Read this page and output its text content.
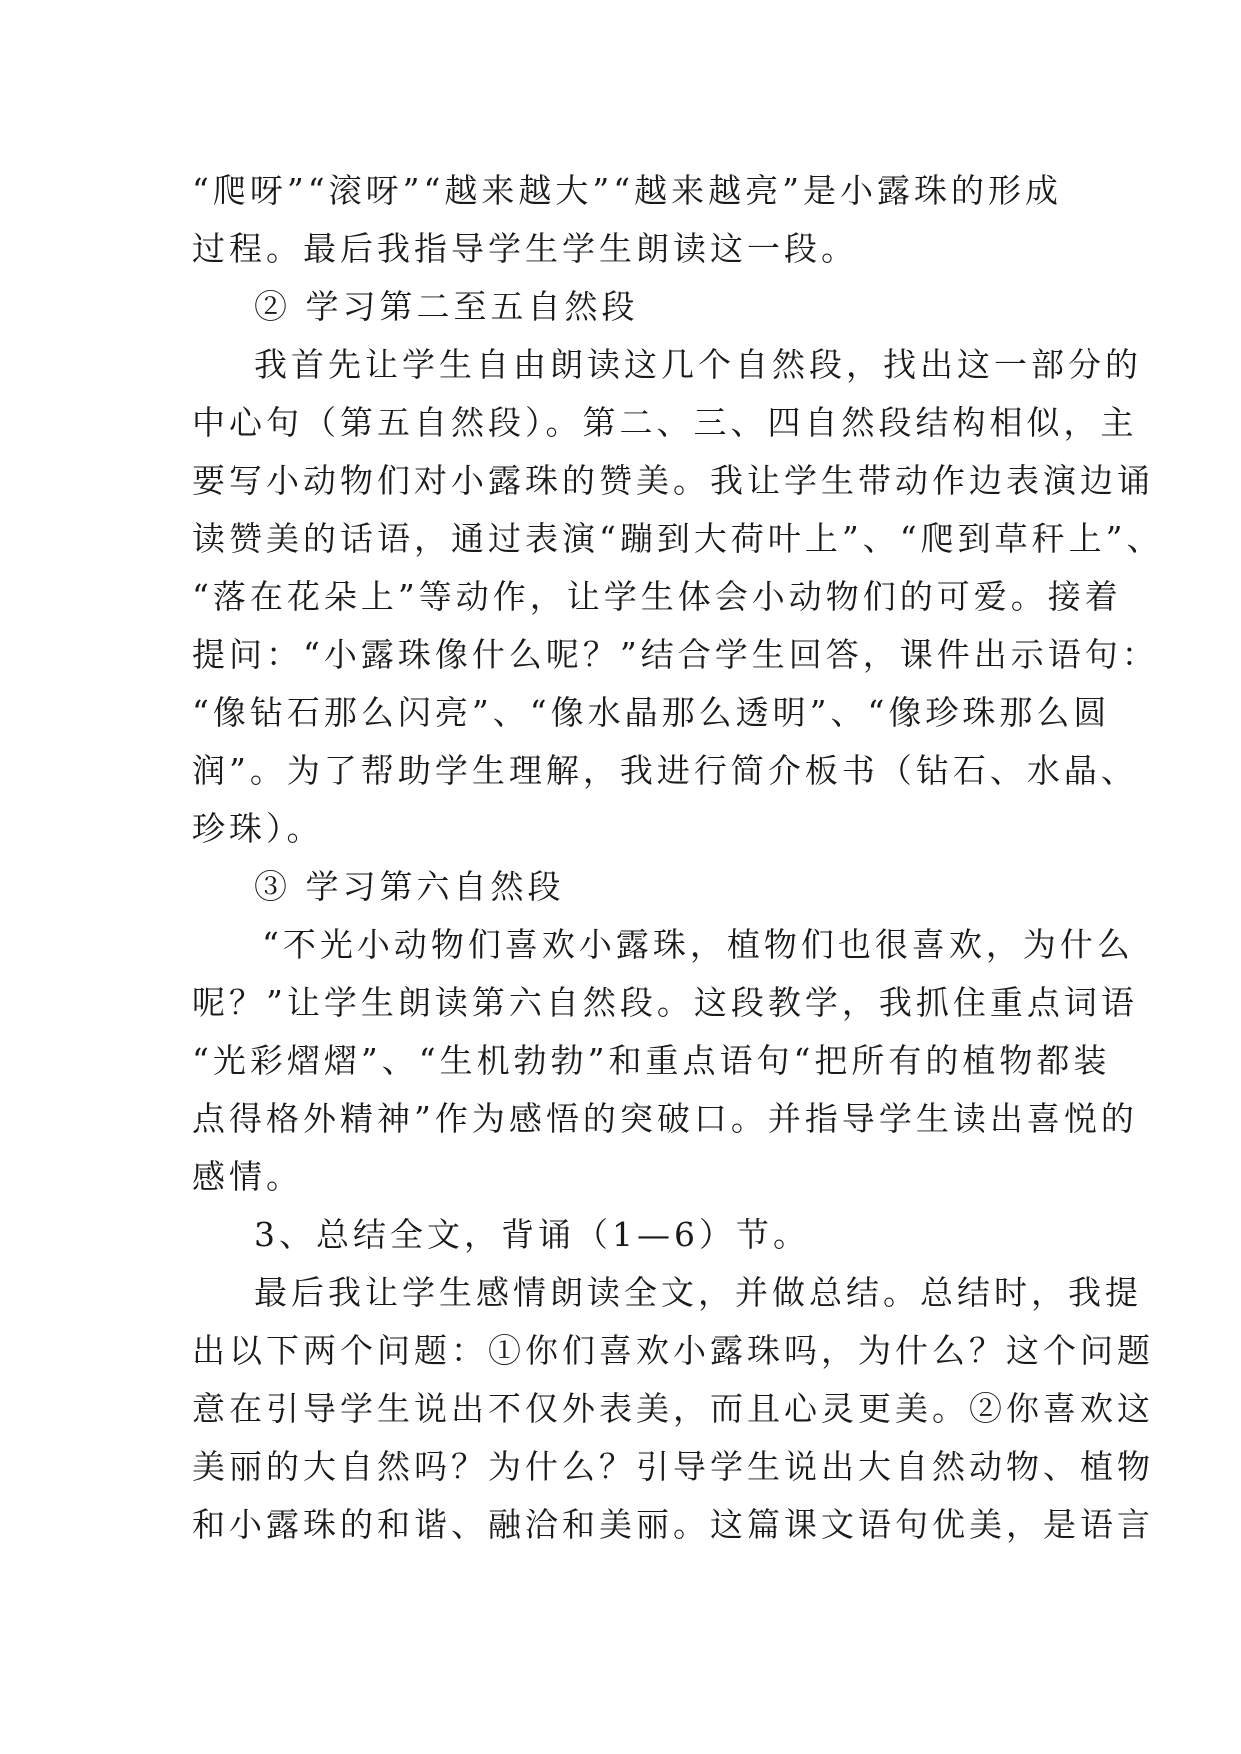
“爬呀”“滚呀”“越来越大”“越来越亮”是小露珠的形成
过程。最后我指导学生学生朗读这一段。
② 学习第二至五自然段
我首先让学生自由朗读这几个自然段，找出这一部分的
中心句（第五自然段）。第二、三、四自然段结构相似，主
要写小动物们对小露珠的赞美。我让学生带动作边表演边诵
读赞美的话语，通过表演“蹦到大荷叶上”、“爬到草秆上”、
“落在花朵上”等动作，让学生体会小动物们的可爱。接着
提问：“小露珠像什么呢？”结合学生回答，课件出示语句：
“像钻石那么闪亮”、“像水晶那么透明”、“像珍珠那么圆
润”。为了帮助学生理解，我进行简介板书（钻石、水晶、
珍珠）。
③ 学习第六自然段
“不光小动物们喜欢小露珠，植物们也很喜欢，为什么
呢？”让学生朗读第六自然段。这段教学，我抓住重点词语
“光彩熠熠”、“生机勃勃”和重点语句“把所有的植物都装
点得格外精神”作为感悟的突破口。并指导学生读出喜悦的
感情。
3、总结全文，背诵（1—6）节。
最后我让学生感情朗读全文，并做总结。总结时，我提
出以下两个问题：①你们喜欢小露珠吗，为什么？这个问题
意在引导学生说出不仅外表美，而且心灵更美。②你喜欢这
美丽的大自然吗？为什么？引导学生说出大自然动物、植物
和小露珠的和谐、融洽和美丽。这篇课文语句优美，是语言
